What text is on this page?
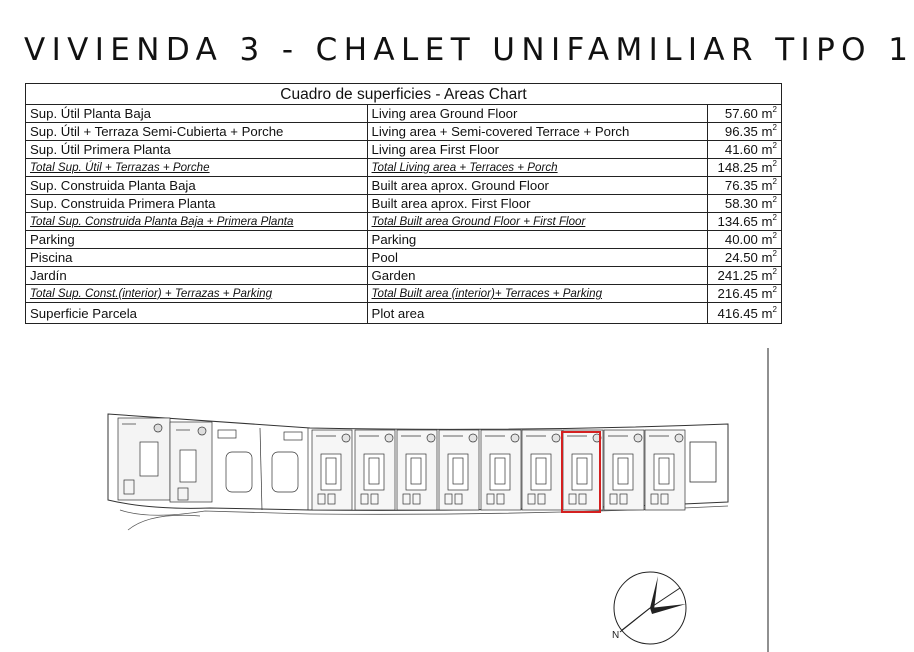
VIVIENDA 3 - CHALET UNIFAMILIAR TIPO 1
Cuadro de superficies - Areas Chart		
Sup. Útil Planta Baja	Living area Ground Floor	57.60 $m^2$
Sup. Útil + Terraza Semi-Cubierta + Porche	Living area + Semi-covered Terrace + Porch	96.35 $m^2$
Sup. Útil Primera Planta	Living area First Floor	41.60 $m^2$
Total Sup. Útil + Terrazas + Porche	Total Living area + Terraces + Porch	148.25 $m^2$
Sup. Construida Planta Baja	Built area aprox. Ground Floor	76.35 $m^2$
Sup. Construida Primera Planta	Built area aprox. First Floor	58.30 $m^2$
Total Sup. Construida Planta Baja + Primera Planta	Total Built area Ground Floor + First Floor	134.65 $m^2$
Parking	Parking	40.00 $m^2$
Piscina	Pool	24.50 $m^2$
Jardín	Garden	241.25 $m^2$
Total Sup. Const.(interior) + Terrazas + Parking	Total Built area (interior)+ Terraces + Parking	216.45 $m^2$
Superficie Parcela	Plot area	416.45 $m^2$
N
